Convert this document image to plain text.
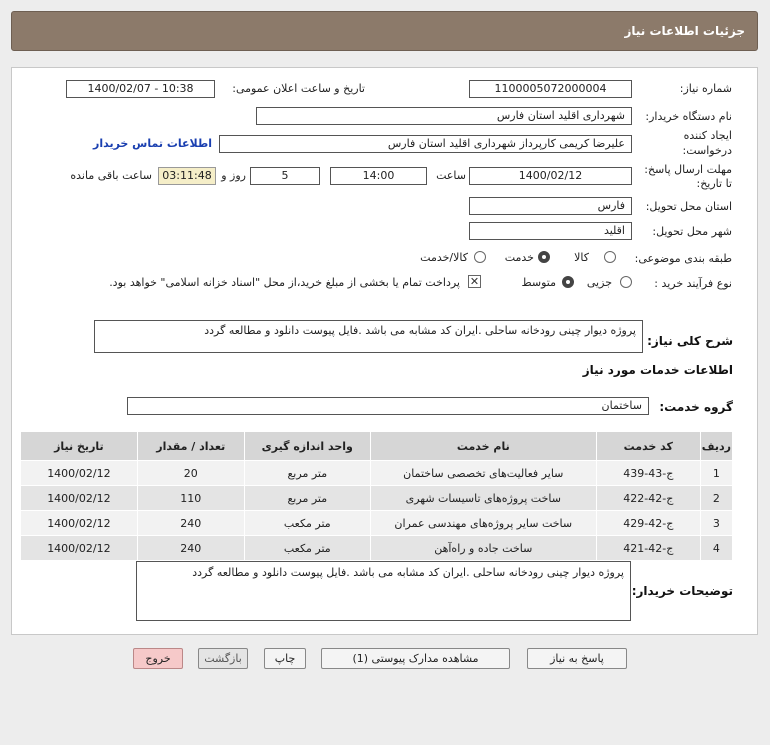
جزئیات اطلاعات نیاز
شماره نیاز:
1100005072000004
تاریخ و ساعت اعلان عمومی:
1400/02/07 - 10:38
نام دستگاه خریدار:
شهرداری اقلید استان فارس
ایجاد کننده
درخواست:
علیرضا کریمی کارپرداز شهرداری اقلید استان فارس
اطلاعات تماس خریدار
مهلت ارسال پاسخ:
تا تاریخ:
1400/02/12
ساعت
14:00
5
روز و
03:11:48
ساعت باقی مانده
استان محل تحویل:
فارس
شهر محل تحویل:
اقلید
طبقه بندی موضوعی:
کالا
خدمت
کالا/خدمت
نوع فرآیند خرید :
جزیی
متوسط
✕
پرداخت تمام یا بخشی از مبلغ خرید،از محل "اسناد خزانه اسلامی" خواهد بود.
شرح کلی نیاز:
پروژه دیوار چینی رودخانه ساحلی .ایران کد مشابه می باشد .فایل پیوست دانلود و مطالعه گردد
اطلاعات خدمات مورد نیاز
گروه خدمت:
ساختمان
ردیف	کد خدمت	نام خدمت	واحد اندازه گیری	تعداد / مقدار	تاریخ نیاز
1	ج-43-439	سایر فعالیت‌های تخصصی ساختمان	متر مربع	20	1400/02/12
2	ج-42-422	ساخت پروژه‌های تاسیسات شهری	متر مربع	110	1400/02/12
3	ج-42-429	ساخت سایر پروژه‌های مهندسی عمران	متر مکعب	240	1400/02/12
4	ج-42-421	ساخت جاده و راه‌آهن	متر مکعب	240	1400/02/12
توضیحات خریدار:
پروژه دیوار چینی رودخانه ساحلی .ایران کد مشابه می باشد .فایل پیوست دانلود و مطالعه گردد
پاسخ به نیاز
مشاهده مدارک پیوستی (1)
چاپ
بازگشت
خروج
